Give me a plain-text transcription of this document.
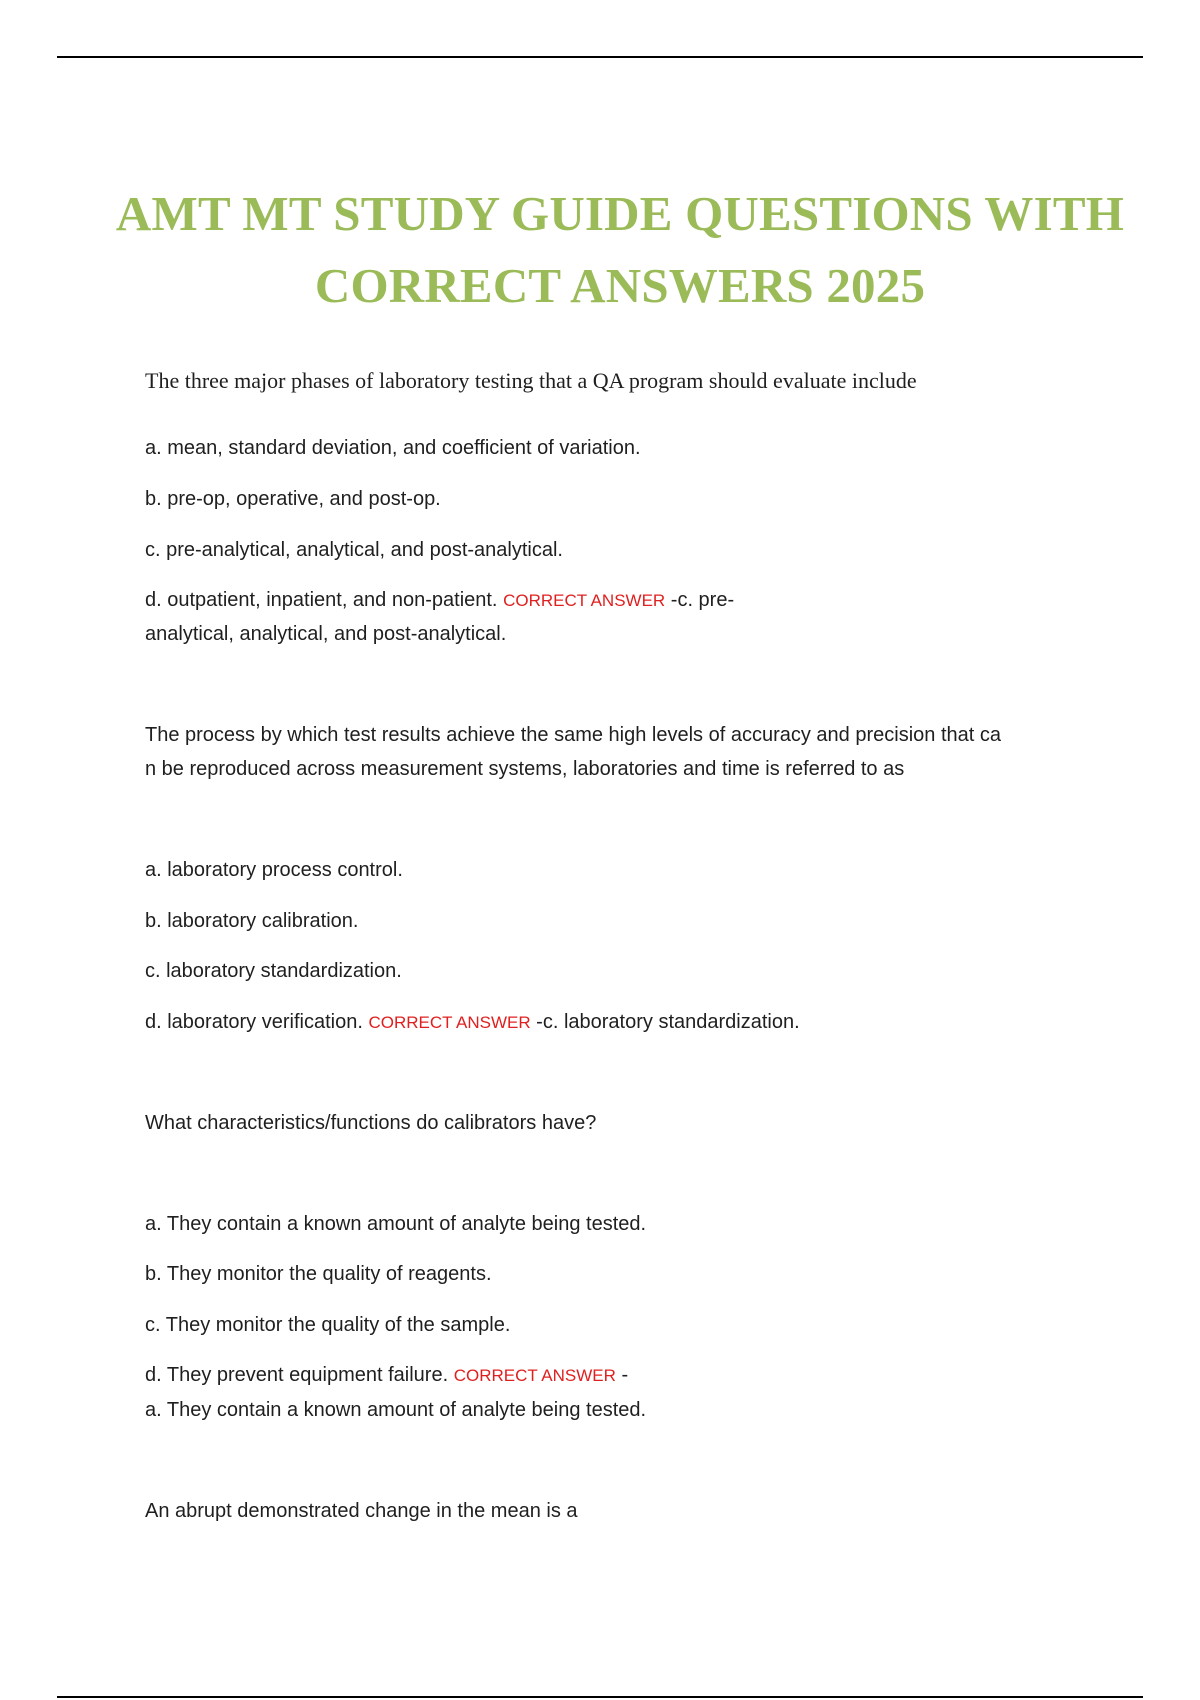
AMT MT STUDY GUIDE QUESTIONS WITH
CORRECT ANSWERS 2025
The three major phases of laboratory testing that a QA program should evaluate include
a. mean, standard deviation, and coefficient of variation.
b. pre-op, operative, and post-op.
c. pre-analytical, analytical, and post-analytical.
d. outpatient, inpatient, and non-patient. CORRECT ANSWER -c. pre-
analytical, analytical, and post-analytical.
The process by which test results achieve the same high levels of accuracy and precision that ca
n be reproduced across measurement systems, laboratories and time is referred to as
a. laboratory process control.
b. laboratory calibration.
c. laboratory standardization.
d. laboratory verification. CORRECT ANSWER -c. laboratory standardization.
What characteristics/functions do calibrators have?
a. They contain a known amount of analyte being tested.
b. They monitor the quality of reagents.
c. They monitor the quality of the sample.
d. They prevent equipment failure. CORRECT ANSWER -
a. They contain a known amount of analyte being tested.
An abrupt demonstrated change in the mean is a
